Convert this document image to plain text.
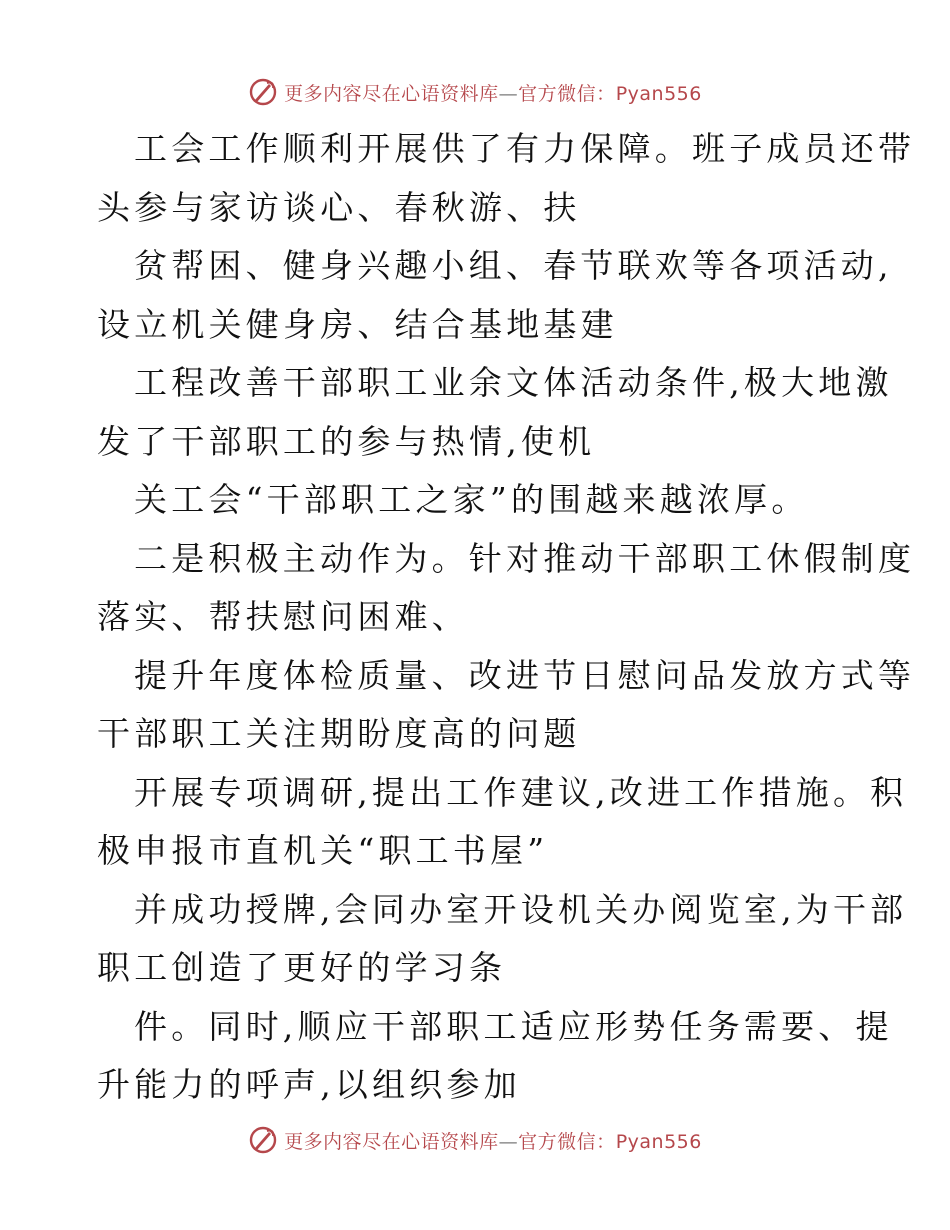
更多内容尽在心语资料库—官方微信：Pyan556
工会工作顺利开展供了有力保障。班子成员还带
头参与家访谈心、春秋游、扶
贫帮困、健身兴趣小组、春节联欢等各项活动,
设立机关健身房、结合基地基建
工程改善干部职工业余文体活动条件,极大地激
发了干部职工的参与热情,使机
关工会“干部职工之家”的围越来越浓厚。
二是积极主动作为。针对推动干部职工休假制度
落实、帮扶慰问困难、
提升年度体检质量、改进节日慰问品发放方式等
干部职工关注期盼度高的问题
开展专项调研,提出工作建议,改进工作措施。积
极申报市直机关“职工书屋”
并成功授牌,会同办室开设机关办阅览室,为干部
职工创造了更好的学习条
件。同时,顺应干部职工适应形势任务需要、提
升能力的呼声,以组织参加
更多内容尽在心语资料库—官方微信：Pyan556
